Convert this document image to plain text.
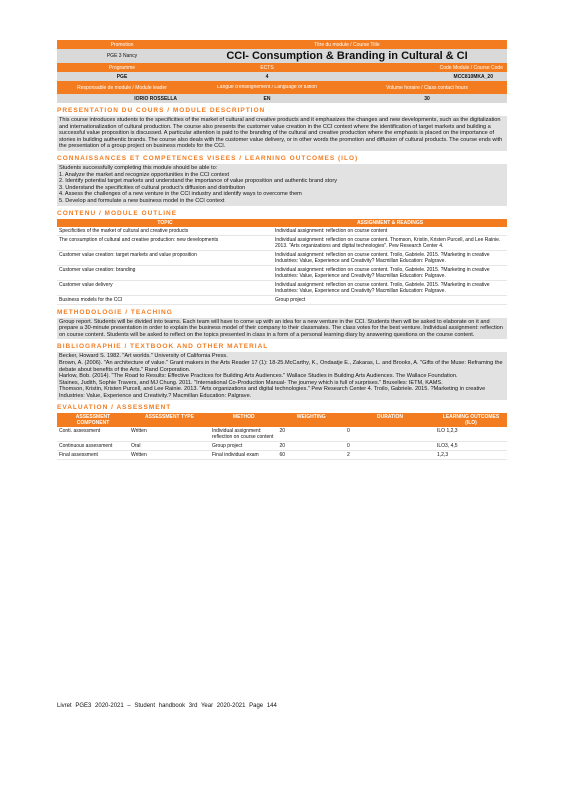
Promotion	Titre du module / Course Title
PGE 3 Nancy	CCI- Consumption & Branding in Cultural & CI
Programme	ECTS	Code Module / Course Code
PGE	4	MCC810MKA_20
Responsable de module / Module leader	Langue d'enseignement / Language of tuition	Volume horaire / Class contact hours
IORIO ROSSELLA	EN	30
PRESENTATION DU COURS / MODULE DESCRIPTION

This course introduces students to the specificities of the market of cultural and creative products and it emphasizes the changes and new developments, such as the digitalization and internationalization of cultural production. The course also presents the customer value creation in the CCI context where the identification of target markets and building a successful value proposition is discussed. A particular attention is paid to the branding of the cultural and creative production where the emphasis is placed on the importance of stories in building authentic brands. The course also deals with the customer value delivery, or in other words the promotion and diffusion of cultural products. The course ends with the presentation of a group project on business models for the CCI.

CONNAISSANCES ET COMPETENCES VISEES / LEARNING OUTCOMES (ILO)

Students successfully completing this module should be able to:

1. Analyze the market and recognize opportunities in the CCI context

2. Identify potential target markets and understand the importance of value proposition and authentic brand story

3. Understand the specificities of cultural product's diffusion and distribution

4. Assess the challenges of a new venture in the CCI industry and identify ways to overcome them

5. Develop and formulate a new business model in the CCI context

CONTENU / MODULE OUTLINE
TOPIC	ASSIGNMENT & READINGS
Specificities of the market of cultural and creative products	Individual assignment: reflection on course content
The consumption of cultural and creative production: new developments	Individual assignment: reflection on course content. Thomson, Kristin, Kristen Purcell, and Lee Rainie. 2013. "Arts organizations and digital technologies". Pew Research Center 4.
Customer value creation: target markets and value proposition	Individual assignment: reflection on course content. Troilo, Gabriele. 2015. ?Marketing in creative Industries: Value, Experience and Creativity? Macmillan Education: Palgrave.
Customer value creation: branding	Individual assignment: reflection on course content. Troilo, Gabriele. 2015. ?Marketing in creative Industries: Value, Experience and Creativity? Macmillan Education: Palgrave.
Customer value delivery	Individual assignment: reflection on course content. Troilo, Gabriele. 2015. ?Marketing in creative Industries: Value, Experience and Creativity? Macmillan Education: Palgrave.
Business models for the CCI	Group project
METHODOLOGIE / TEACHING

Group report. Students will be divided into teams. Each team will have to come up with an idea for a new venture in the CCI. Students then will be asked to elaborate on it and prepare a 30-minute presentation in order to explain the business model of their company to their classmates. The class votes for the best venture. Individual assignment: reflection on course content. Students will be asked to reflect on the topics presented in class in a form of a personal learning diary by answering questions on the course content.

BIBLIOGRAPHIE / TEXTBOOK AND OTHER MATERIAL

Becker, Howard S. 1982. "Art worlds." University of California Press.

Brown, A. (2006). "An architecture of value." Grant makers in the Arts Reader 17 (1): 18-25.McCarthy, K., Ondaatje E., Zakaras, L. and Brooks, A. "Gifts of the Muse: Reframing the debate about benefits of the Arts." Rand Corporation.

Harlow, Bob. (2014). "The Road to Results: Effective Practices for Building Arts Audiences." Wallace Studies in Building Arts Audiences. The Wallace Foundation.

Staines, Judith, Sophie Travers, and MJ Chung. 2011. "International Co-Production Manual- The journey which is full of surprises." Bruxelles: IETM, KAMS.

Thomson, Kristin, Kristen Purcell, and Lee Rainie. 2013. "Arts organizations and digital technologies." Pew Research Center 4. Troilo, Gabriele. 2015. ?Marketing in creative Industries: Value, Experience and Creativity.? Macmillan Education: Palgrave.

EVALUATION / ASSESSMENT
ASSESSMENT COMPONENT	ASSESSMENT TYPE	METHOD	WEIGHTING	DURATION	LEARNING OUTCOMES (ILO)
Conti. assessment	Written	Individual assignment: reflection on course content	20	0	ILO 1,2,3
Continuous assessment	Oral	Group project	20	0	ILO3, 4,5
Final assessment	Written	Final individual exam	60	2	1,2,3
Livret PGE3 2020-2021 – Student handbook 3rd Year 2020-2021 Page 144
